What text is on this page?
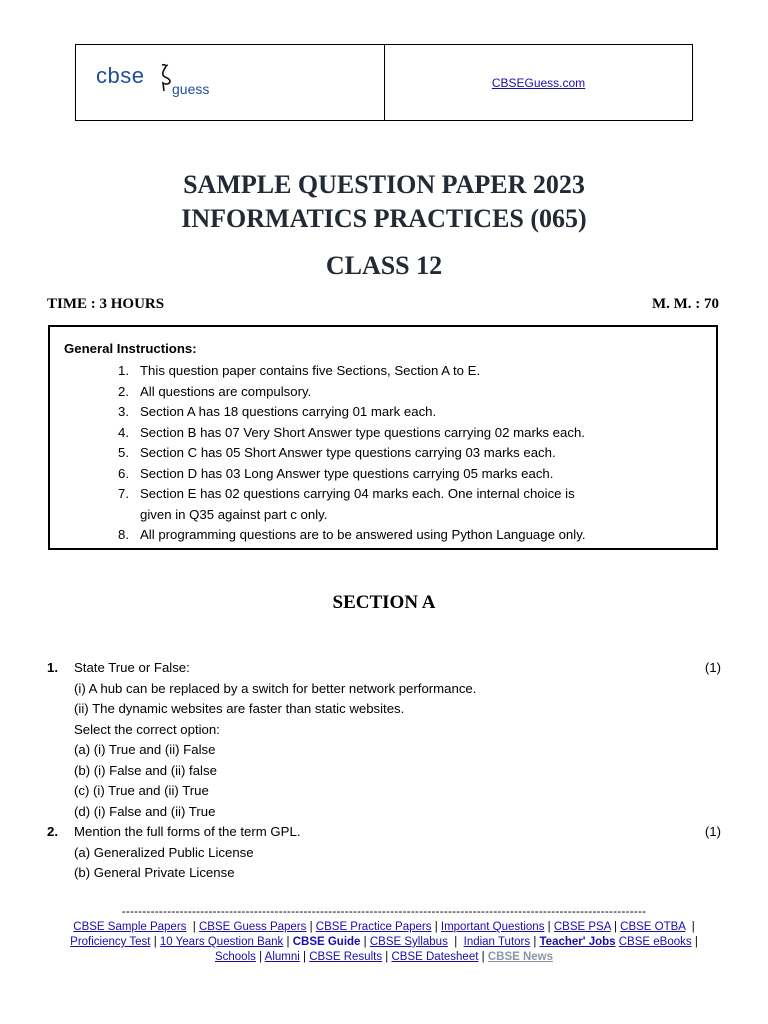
cbse
guess	CBSEGuess.com
SAMPLE QUESTION PAPER 2023
INFORMATICS PRACTICES (065)
CLASS 12
TIME : 3 HOURS	M. M. : 70
General Instructions:
1. This question paper contains five Sections, Section A to E.
2. All questions are compulsory.
3. Section A has 18 questions carrying 01 mark each.
4. Section B has 07 Very Short Answer type questions carrying 02 marks each.
5. Section C has 05 Short Answer type questions carrying 03 marks each.
6. Section D has 03 Long Answer type questions carrying 05 marks each.
7. Section E has 02 questions carrying 04 marks each. One internal choice is
given in Q35 against part c only.
8. All programming questions are to be answered using Python Language only.
SECTION A
1.	(1)
State True or False:
(i) A hub can be replaced by a switch for better network performance.
(ii) The dynamic websites are faster than static websites.
Select the correct option:
(a) (i) True and (ii) False
(b) (i) False and (ii) false
(c) (i) True and (ii) True
(d) (i) False and (ii) True
2.	(1)
Mention the full forms of the term GPL.
(a) Generalized Public License
(b) General Private License
-------------------------------------------------------------------------------------------------------------------------------
CBSE Sample Papers  | CBSE Guess Papers | CBSE Practice Papers | Important Questions | CBSE PSA | CBSE OTBA  |
Proficiency Test | 10 Years Question Bank | CBSE Guide | CBSE Syllabus  |  Indian Tutors | Teacher' Jobs CBSE eBooks |
Schools | Alumni | CBSE Results | CBSE Datesheet | CBSE News
